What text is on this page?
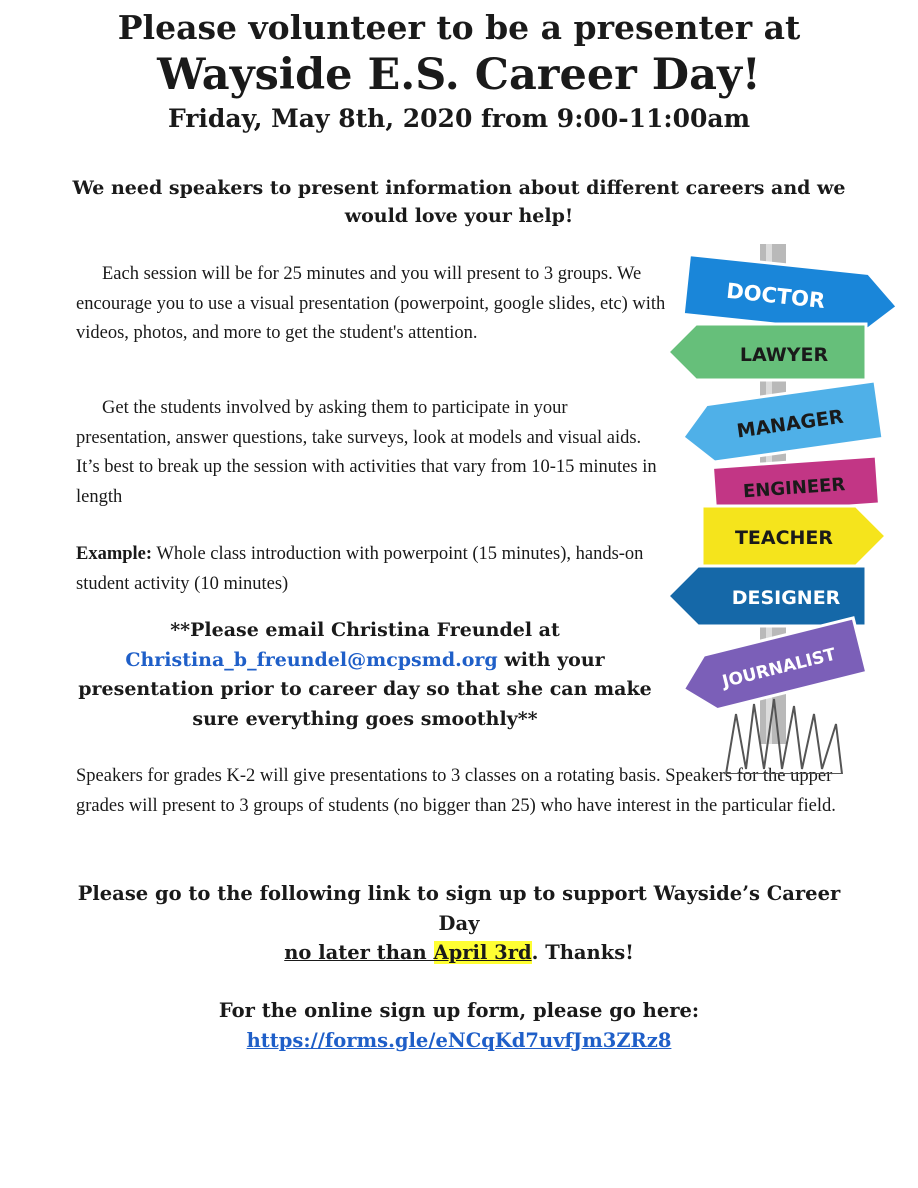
Please volunteer to be a presenter at
Wayside E.S. Career Day!
Friday, May 8th, 2020 from 9:00-11:00am

We need speakers to present information about different careers and we would love your help!

Each session will be for 25 minutes and you will present to 3 groups. We encourage you to use a visual presentation (powerpoint, google slides, etc) with videos, photos, and more to get the student's attention.

Get the students involved by asking them to participate in your presentation, answer questions, take surveys, look at models and visual aids. It’s best to break up the session with activities that vary from 10-15 minutes in length

Example: Whole class introduction with powerpoint (15 minutes), hands-on student activity (10 minutes)

**Please email Christina Freundel at
Christina_b_freundel@mcpsmd.org with your presentation prior to career day so that she can make sure everything goes smoothly**

Speakers for grades K-2 will give presentations to 3 classes on a rotating basis. Speakers for the upper grades will present to 3 groups of students (no bigger than 25) who have interest in the particular field.

Please go to the following link to sign up to support Wayside’s Career Day
no later than April 3rd. Thanks!

For the online sign up form, please go here:
https://forms.gle/eNCqKd7uvfJm3ZRz8

DOCTOR
LAWYER
MANAGER
ENGINEER
TEACHER
DESIGNER
JOURNALIST
